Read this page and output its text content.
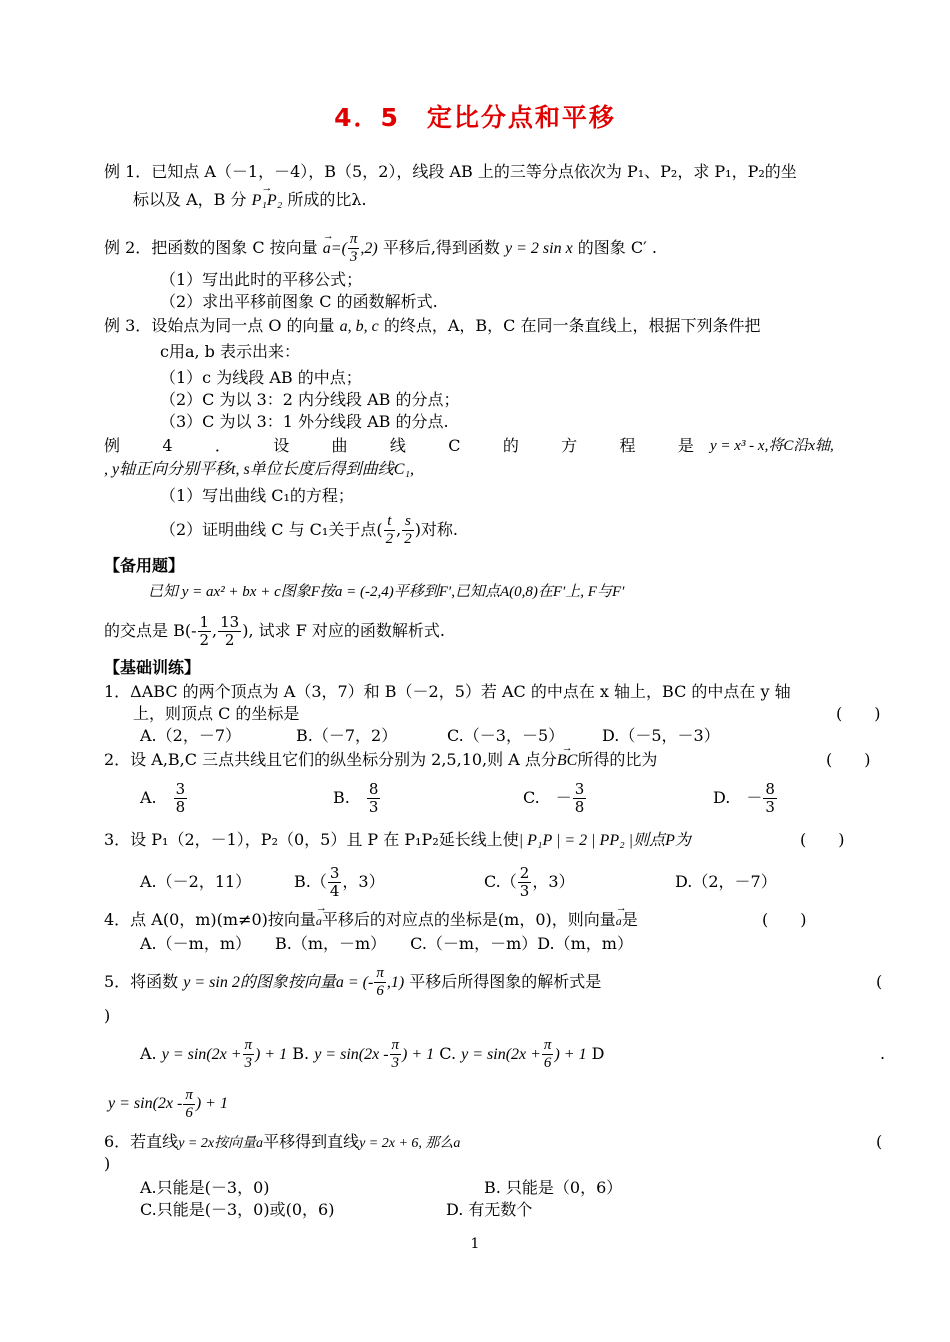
4．5　定比分点和平移
例 1．已知点 A（－1，－4），B（5，2），线段 AB 上的三等分点依次为 P₁、P₂，求 P₁，P₂的坐
标以及 A，B 分 → P₁P₂ 所成的比λ.
例 2．把函数的图象 C 按向量 → $a=( \frac{\pi}{3} ,2)$ 平移后,得到函数 y = 2 sin x 的图象 C′ .
（1）写出此时的平移公式；
（2）求出平移前图象 C 的函数解析式.
例 3．设始点为同一点 O 的向量 a, b, c 的终点，A，B，C 在同一条直线上，根据下列条件把
c用a, b 表示出来：
（1）c 为线段 AB 的中点；
（2）C 为以 3：2 内分线段 AB 的分点；
（3）C 为以 3：1 外分线段 AB 的分点.
例	4	．	设	曲	线	C	的	方	程	是 y = x³ - x,将C沿x轴,
, y轴正向分别平移t, s单位长度后得到曲线C₁,
（1）写出曲线 C₁的方程；
（2）证明曲线 C 与 C₁关于点( $\frac{t}{2}$ , $\frac{s}{2}$ )对称.
【备用题】
已知 y = ax² + bx + c图象F按a = (-2,4)平移到F′,已知点A(0,8)在F′上, F与F′
的交点是 $B(- \frac{1}{2}$ , $\frac{13}{2}$ ), 试求 F 对应的函数解析式.
【基础训练】
1．ΔABC 的两个顶点为 A（3，7）和 B（－2，5）若 AC 的中点在 x 轴上，BC 的中点在 y 轴
上，则顶点 C 的坐标是	(　　)
A.（2，－7）	B.（－7，2）	C.（－3，－5） D.（－5，－3）
2．设 A,B,C 三点共线且它们的纵坐标分别为 2,5,10,则 A 点分→ BC所得的比为	(　　)
A.　 $\frac{3}{8}$	B.　 $\frac{8}{3}$	C.　 － $\frac{3}{8}$	D.　 － $\frac{8}{3}$
3．设 P₁（2，－1），P₂（0，5）且 P 在 P₁P₂延长线上使| P₁P | = 2 | PP₂ |则点P为	(　　)
A.（－2，11）	$B.( \frac{3}{4}$ ，3）	$C.( \frac{2}{3}$ ，3）	D.（2，－7）
4．点 A(0，m)(m≠0)按向量→ a平移后的对应点的坐标是(m，0)，则向量→ a是	(　　)
A.（－m，m）　　B.（m，－m）　　C.（－m，－m）D.（m，m）
5．将函数 y = sin 2的图象按向量a = (- $\frac{\pi}{6} ,1$) 平移后所得图象的解析式是	(
)
A. $y = \sin(2x + \frac{\pi}{3}$ ) + 1 B. $y = \sin(2x - \frac{\pi}{3}$ ) + 1 C. $y = \sin(2x + \frac{\pi}{6}$ ) + 1 D	.
$y = \sin(2x - \frac{\pi}{6}$ ) + 1
6．若直线y = 2x按向量a平移得到直线y = 2x + 6, 那么a	(
)
A.只能是(－3，0)	B. 只能是（0，6）
C.只能是(－3，0)或(0，6)	D. 有无数个
1
